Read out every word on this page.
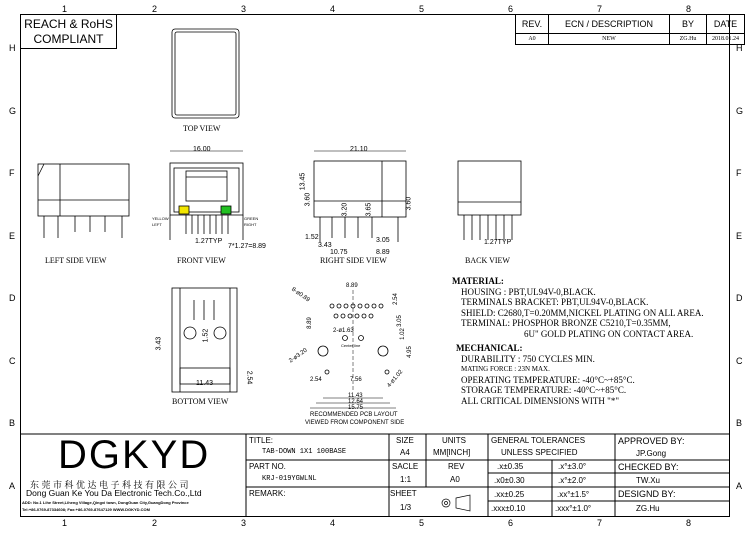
1	2	3	4	5	6	7	8
1	2	3	4	5	6	7	8
H
G
F
E
D
C
B
A
H
G
F
E
D
C
B
A
REACH & RoHS
COMPLIANT
REV.	ECN / DESCRIPTION	BY	DATE
A0	NEW	ZG.Hu	2018.01.24
TOP VIEW
LEFT SIDE VIEW	FRONT VIEW	RIGHT SIDE VIEW	BACK VIEW
BOTTOM VIEW
RECOMMENDED PCB LAYOUT
VIEWED FROM COMPONENT SIDE
16.00
1.27TYP
7*1.27=8.89
YELLOW
LEFT
GREEN
RIGHT
21.10
13.45
3.60
3.20 3.65	3.60
1.52
3.43
3.05
10.75	8.89
1.27TYP
3.43
1.52
11.43	2.54
8.89
2.54
3.05
1.02
4.95
8-ø0.89
2-ø3.20
2-ø1.63
4-ø1.02
8.89
2.54	7.56
11.43
12.64
15.75
Center line
MATERIAL:
HOUSING : PBT,UL94V-0,BLACK.
TERMINALS BRACKET: PBT,UL94V-0,BLACK.
SHIELD: C2680,T=0.20MM,NICKEL PLATING ON ALL AREA.
TERMINAL: PHOSPHOR BRONZE C5210,T=0.35MM,
6U" GOLD PLATING ON CONTACT AREA.
MECHANICAL:
DURABILITY : 750 CYCLES MIN.
MATING FORCE : 23N MAX.
OPERATING TEMPERATURE: -40°C~+85°C.
STORAGE TEMPERATURE: -40°C~+85°C.
ALL CRITICAL DIMENSIONS WITH "*"
DGKYD
东 莞 市 科 优 达 电 子 科 技 有 限 公 司
Dong Guan Ke You Da Electronic Tech.Co.,Ltd
ADD: No.1 Lihe Street,Liheng Village,Qingxi town, DongGuan City,GuangDong Province
Tel:+86-0769-87334608; Fax:+86-0769-87647129 WWW.DGKYD.COM
TITLE:
TAB-DOWN 1X1 100BASE
PART NO.
KRJ-019YGWLNL
REMARK:
SIZE
A4
UNITS
MM[INCH]
SACLE
1:1
REV
A0
SHEET
1/3
GENERAL TOLERANCES
UNLESS SPECIFIED
.x±0.35	.x°±3.0°
.x0±0.30	.x°±2.0°
.xx±0.25	.xx°±1.5°
.xxx±0.10	.xxx°±1.0°
APPROVED BY:
JP.Gong
CHECKED BY:
TW.Xu
DESIGND BY:
ZG.Hu
